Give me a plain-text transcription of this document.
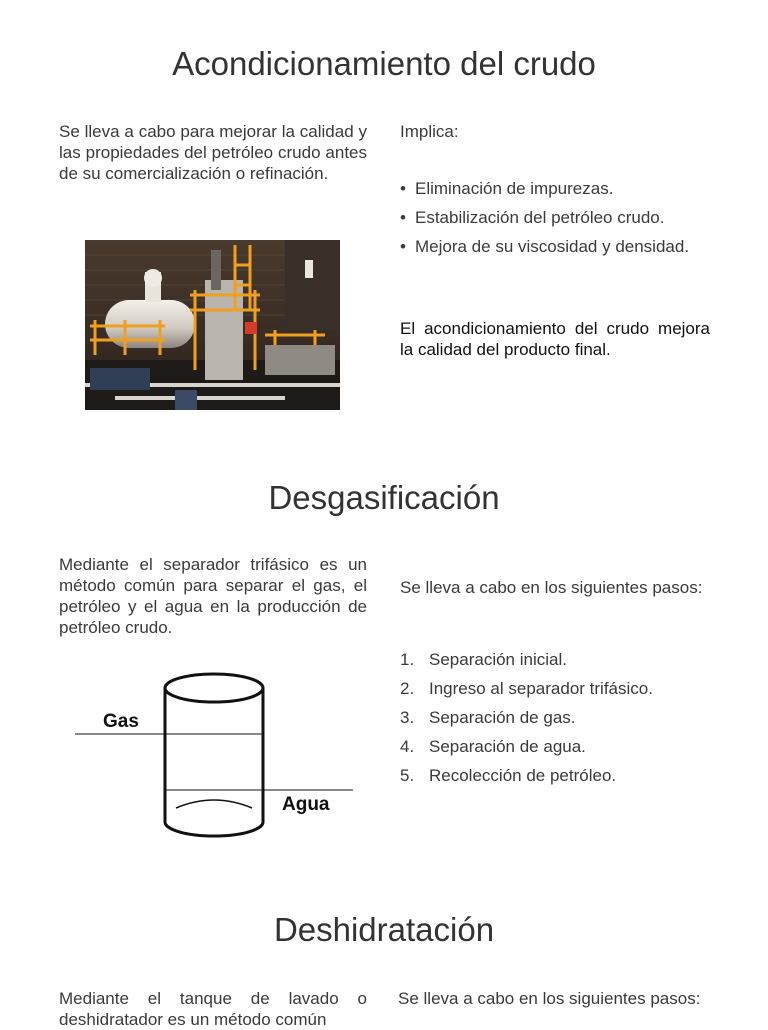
Acondicionamiento del crudo

Se lleva a cabo para mejorar la calidad y las propiedades del petróleo crudo antes de su comercialización o refinación.

Implica:

• Eliminación de impurezas.
• Estabilización del petróleo crudo.
• Mejora de su viscosidad y densidad.

El acondicionamiento del crudo mejora la calidad del producto final.

Desgasificación

Mediante el separador trifásico es un método común para separar el gas, el petróleo y el agua en la producción de petróleo crudo.

Se lleva a cabo en los siguientes pasos:

1. Separación inicial.
2. Ingreso al separador trifásico.
3. Separación de gas.
4. Separación de agua.
5. Recolección de petróleo.
Gas
Agua
Deshidratación

Mediante el tanque de lavado o deshidratador es un método común

Se lleva a cabo en los siguientes pasos:
